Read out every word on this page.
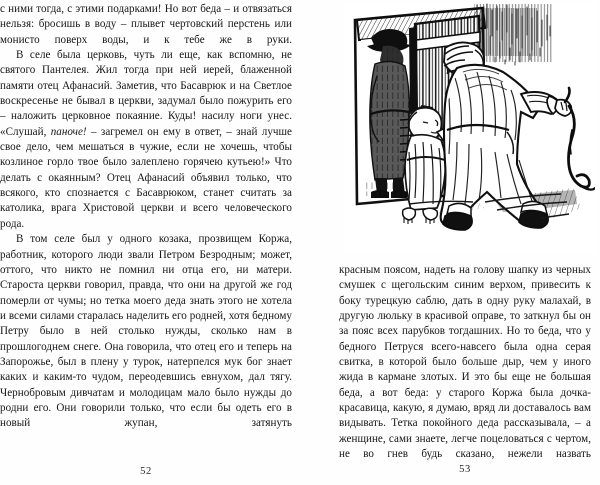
с ними тогда, с этими подарками! Но вот беда – и отвязаться нельзя: бросишь в воду – плывет чертовский перстень или монисто поверх воды, и к тебе же в руки.

В селе была церковь, чуть ли еще, как вспомню, не святого Пантелея. Жил тогда при ней иерей, блаженной памяти отец Афанасий. Заметив, что Басаврюк и на Светлое воскресенье не бывал в церкви, задумал было пожурить его – наложить церковное покаяние. Куды! насилу ноги унес. «Слушай, паноче! – загремел он ему в ответ, – знай лучше свое дело, чем мешаться в чужие, если не хочешь, чтобы козлиное горло твое было залеплено горячею кутьею!» Что делать с окаянным? Отец Афанасий объявил только, что всякого, кто спознается с Басаврюком, станет считать за католика, врага Христовой церкви и всего человеческого рода.

В том селе был у одного козака, прозвищем Коржа, работник, которого люди звали Петром Безродным; может, оттого, что никто не помнил ни отца его, ни матери. Староста церкви говорил, правда, что они на другой же год померли от чумы; но тетка моего деда знать этого не хотела и всеми силами старалась наделить его родней, хотя бедному Петру было в ней столько нужды, сколько нам в прошлогоднем снеге. Она говорила, что отец его и теперь на Запорожье, был в плену у турок, натерпелся мук бог знает каких и каким-то чудом, переодевшись евнухом, дал тягу. Чернобровым дивчатам и молодицам мало было нужды до родни его. Они говорили только, что если бы одеть его в новый жупан, затянуть

52

красным поясом, надеть на голову шапку из черных смушек с щегольским синим верхом, привесить к боку турецкую саблю, дать в одну руку малахай, в другую люльку в красивой оправе, то заткнул бы он за пояс всех парубков тогдашних. Но то беда, что у бедного Петруся всего-навсего была одна серая свитка, в которой было больше дыр, чем у иного жида в кармане злотых. И это бы еще не большая беда, а вот беда: у старого Коржа была дочка-красавица, какую, я думаю, вряд ли доставалось вам видывать. Тетка покойного деда рассказывала, – а женщине, сами знаете, легче поцеловаться с чертом, не во гнев будь сказано, нежели назвать

53
